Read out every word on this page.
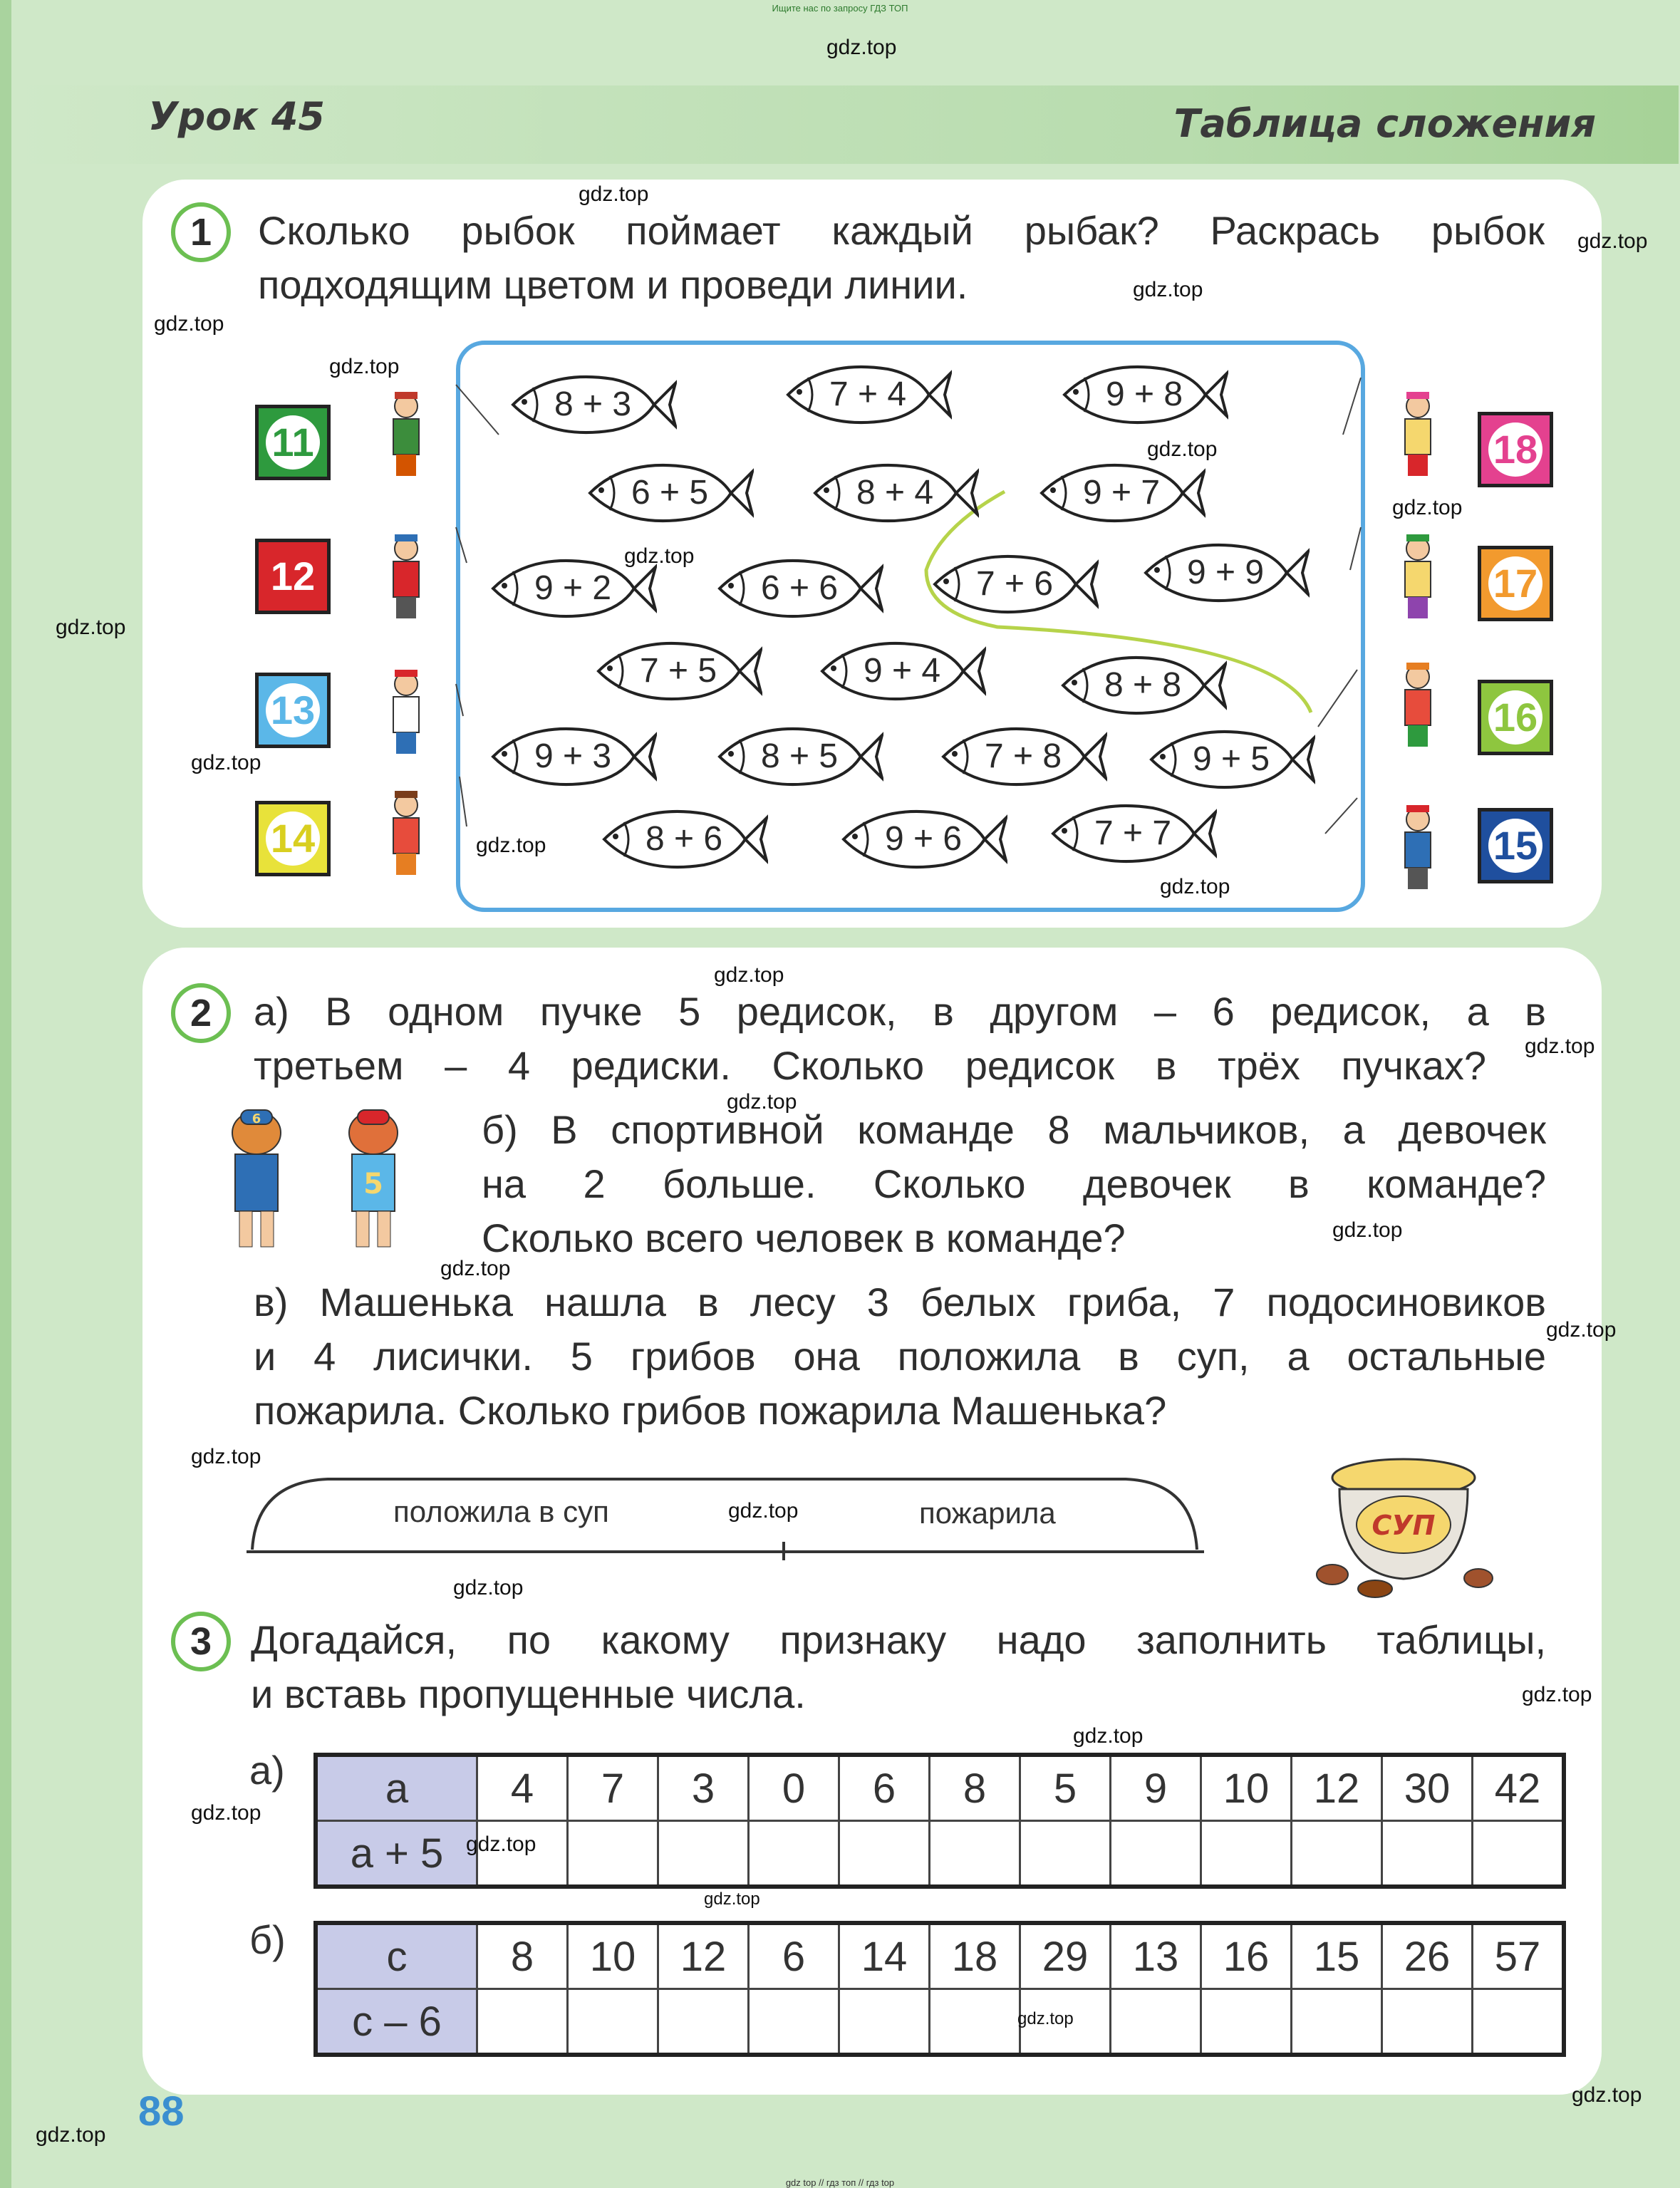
Ищите нас по запросу ГДЗ ТОП
Урок 45	Таблица сложения
1	Сколько рыбок поймает каждый рыбак? Раскрась рыбок
подходящим цветом и проведи линии.
8 + 3	7 + 4	9 + 8
6 + 5	8 + 4	9 + 7
9 + 2	6 + 6	7 + 6	9 + 9
7 + 5	9 + 4	8 + 8
9 + 3	8 + 5	7 + 8	9 + 5
8 + 6	9 + 6	7 + 7
11
12
13
14
18
17
16
15
2	а) В одном пучке 5 редисок, в другом – 6 редисок, а в
третьем – 4 редиски. Сколько редисок в трёх пучках?
6
5
б) В спортивной команде 8 мальчиков, а девочек
на 2 больше. Сколько девочек в команде?
Сколько всего человек в команде?
в) Машенька нашла в лесу 3 белых гриба, 7 подосиновиков
и 4 лисички. 5 грибов она положила в суп, а остальные
пожарила. Сколько грибов пожарила Машенька?
положила в суп	пожарила	СУП
3 Догадайся, по какому признаку надо заполнить таблицы,
и вставь пропущенные числа.
а) a	4	7	3	0	6	8	5	9	10	12	30	42
a + 5												
б) c	8	10	12	6	14	18	29	13	16	15	26	57
c – 6												
88
gdz top // гдз топ // гдз top
gdz.top
gdz.top
gdz.top
gdz.top
gdz.top
gdz.top
gdz.top
gdz.top
gdz.top
gdz.top
gdz.top
gdz.top
gdz.top
gdz.top
gdz.top
gdz.top
gdz.top
gdz.top
gdz.top
gdz.top
gdz.top
gdz.top
gdz.top
gdz.top
gdz.top
gdz.top
gdz.top
gdz.top
gdz.top
gdz.top
